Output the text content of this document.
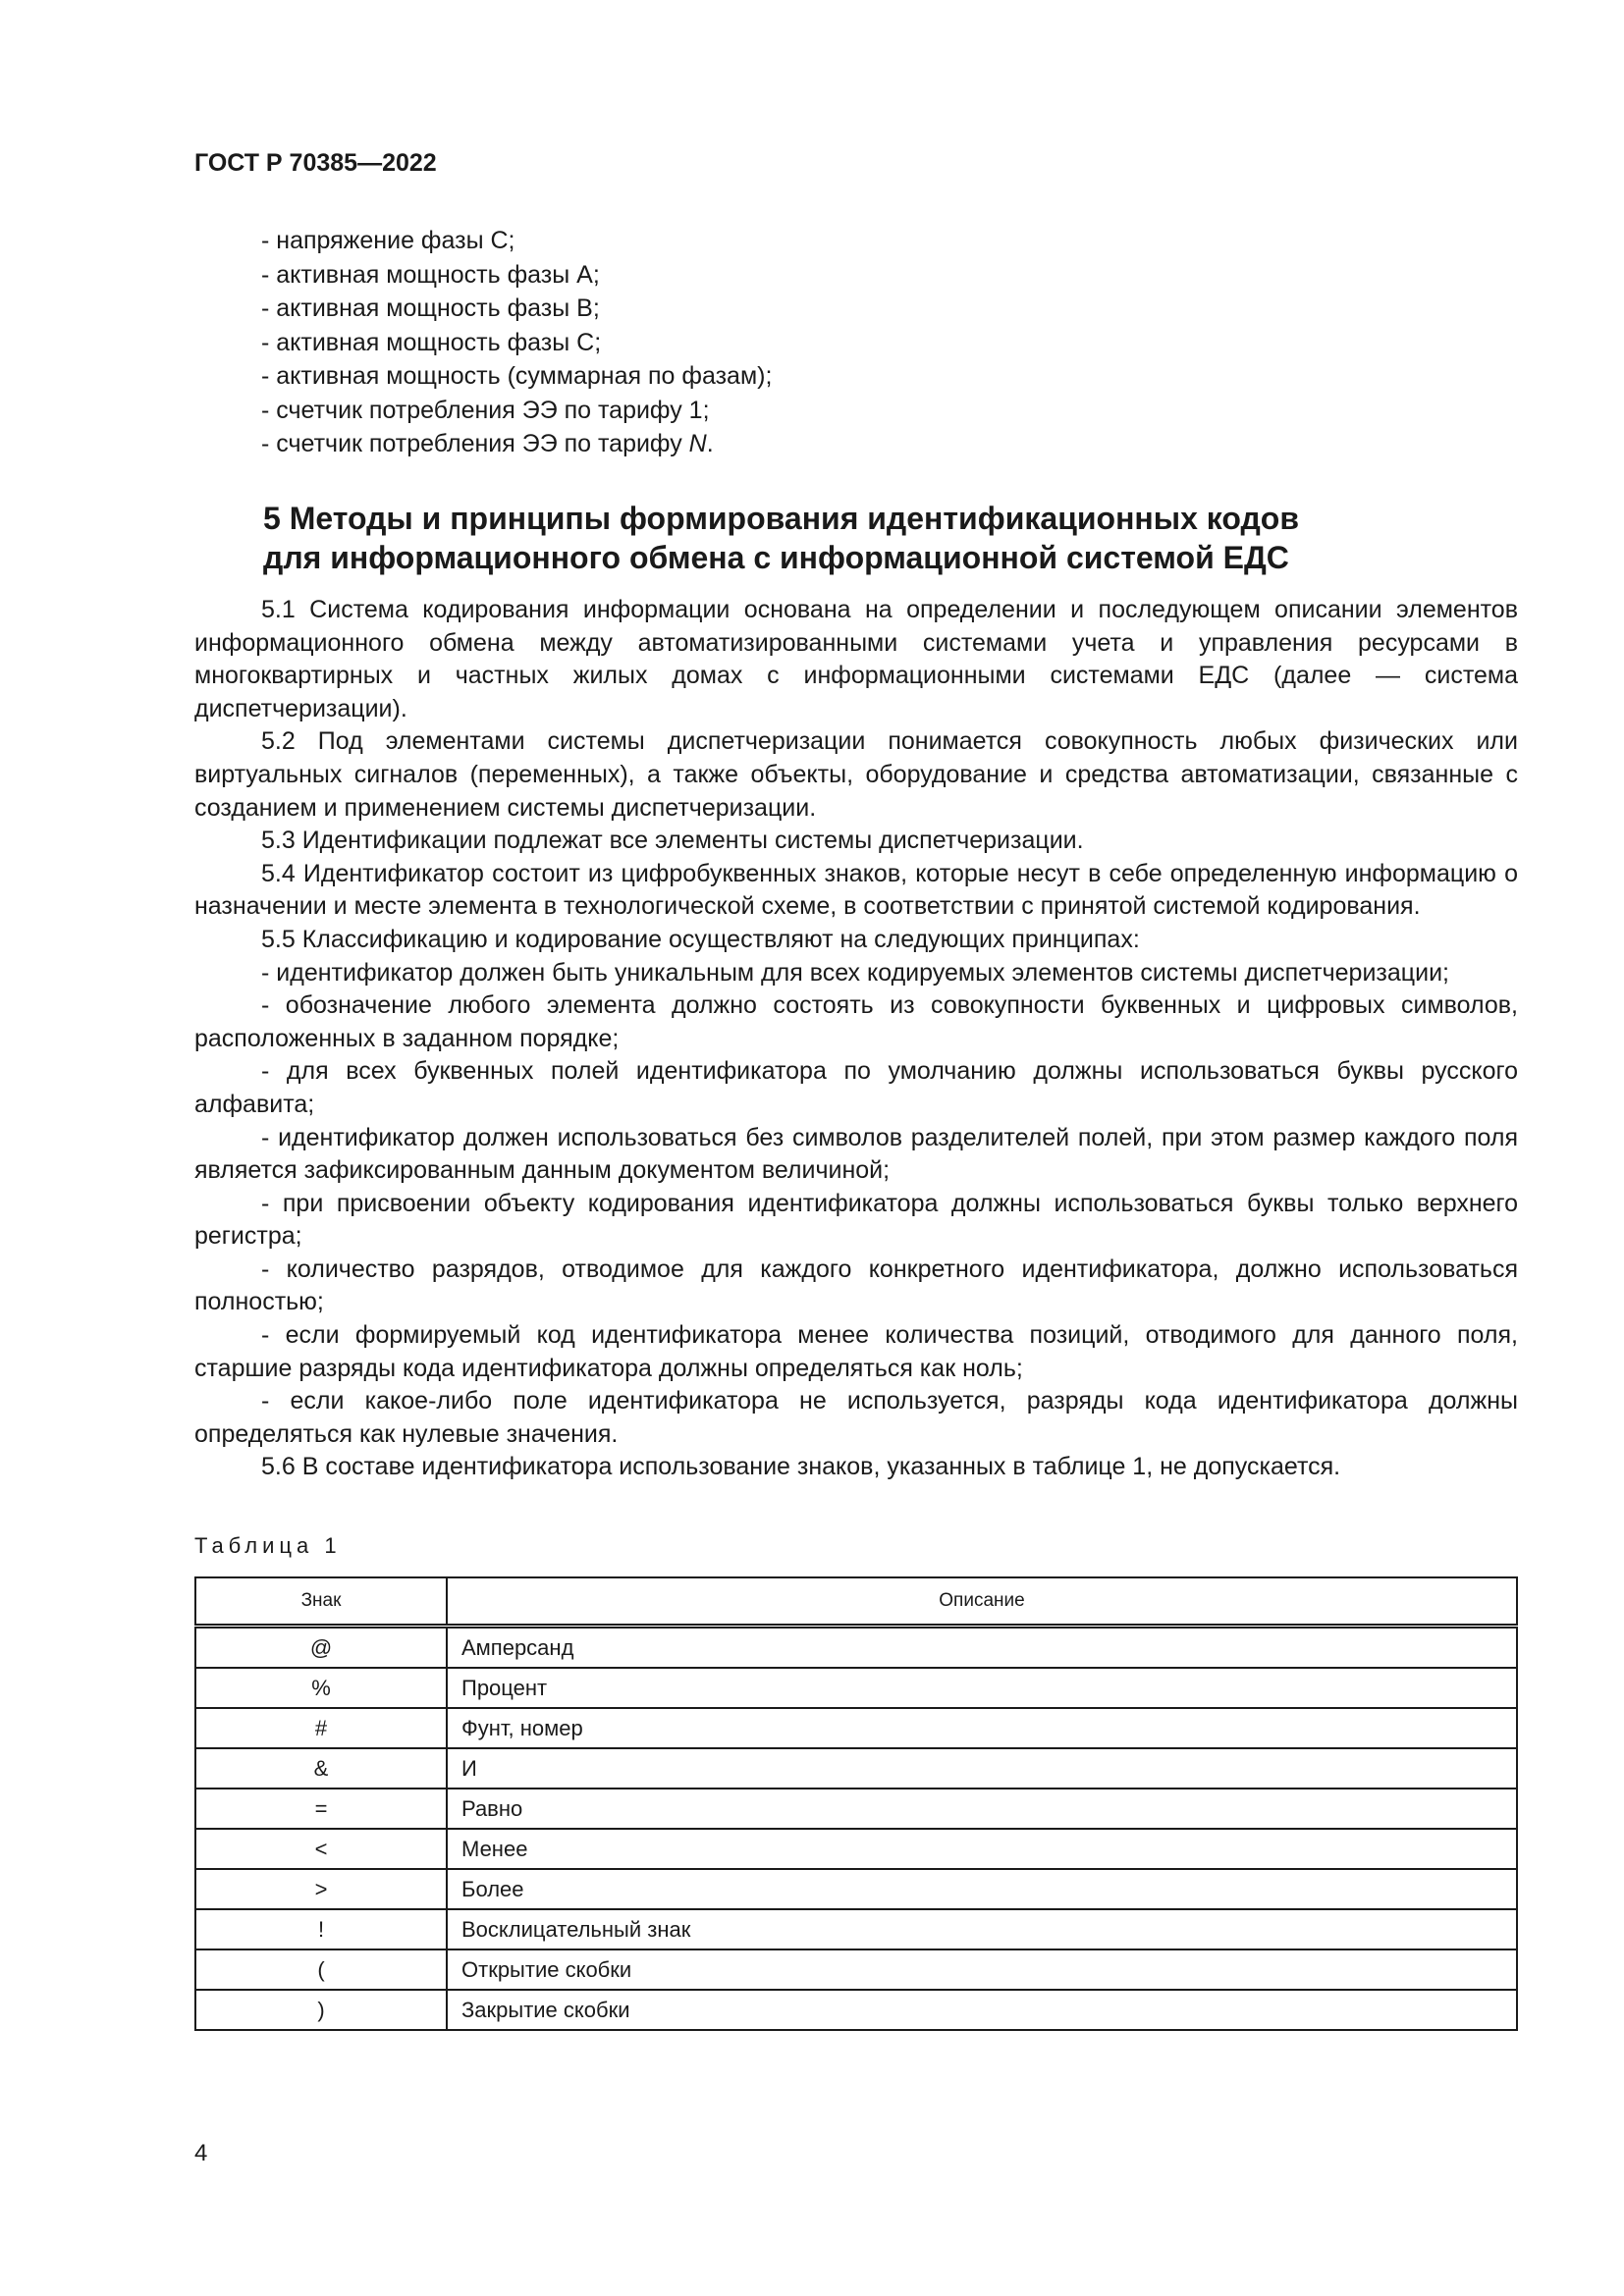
ГОСТ Р 70385—2022
- напряжение фазы С;
- активная мощность фазы А;
- активная мощность фазы В;
- активная мощность фазы С;
- активная мощность (суммарная по фазам);
- счетчик потребления ЭЭ по тарифу 1;
- счетчик потребления ЭЭ по тарифу N.
5 Методы и принципы формирования идентификационных кодов
для информационного обмена с информационной системой ЕДС

5.1 Система кодирования информации основана на определении и последующем описании элементов информационного обмена между автоматизированными системами учета и управления ресурсами в многоквартирных и частных жилых домах с информационными системами ЕДС (далее — система диспетчеризации).

5.2 Под элементами системы диспетчеризации понимается совокупность любых физических или виртуальных сигналов (переменных), а также объекты, оборудование и средства автоматизации, связанные с созданием и применением системы диспетчеризации.

5.3 Идентификации подлежат все элементы системы диспетчеризации.

5.4 Идентификатор состоит из цифробуквенных знаков, которые несут в себе определенную информацию о назначении и месте элемента в технологической схеме, в соответствии с принятой системой кодирования.

5.5 Классификацию и кодирование осуществляют на следующих принципах:

- идентификатор должен быть уникальным для всех кодируемых элементов системы диспетчеризации;

- обозначение любого элемента должно состоять из совокупности буквенных и цифровых символов, расположенных в заданном порядке;

- для всех буквенных полей идентификатора по умолчанию должны использоваться буквы русского алфавита;

- идентификатор должен использоваться без символов разделителей полей, при этом размер каждого поля является зафиксированным данным документом величиной;

- при присвоении объекту кодирования идентификатора должны использоваться буквы только верхнего регистра;

- количество разрядов, отводимое для каждого конкретного идентификатора, должно использоваться полностью;

- если формируемый код идентификатора менее количества позиций, отводимого для данного поля, старшие разряды кода идентификатора должны определяться как ноль;

- если какое-либо поле идентификатора не используется, разряды кода идентификатора должны определяться как нулевые значения.

5.6 В составе идентификатора использование знаков, указанных в таблице 1, не допускается.

Таблица 1
Знак	Описание
@	Амперсанд
%	Процент
#	Фунт, номер
&	И
=	Равно
<	Менее
>	Более
!	Восклицательный знак
(	Открытие скобки
)	Закрытие скобки
4
